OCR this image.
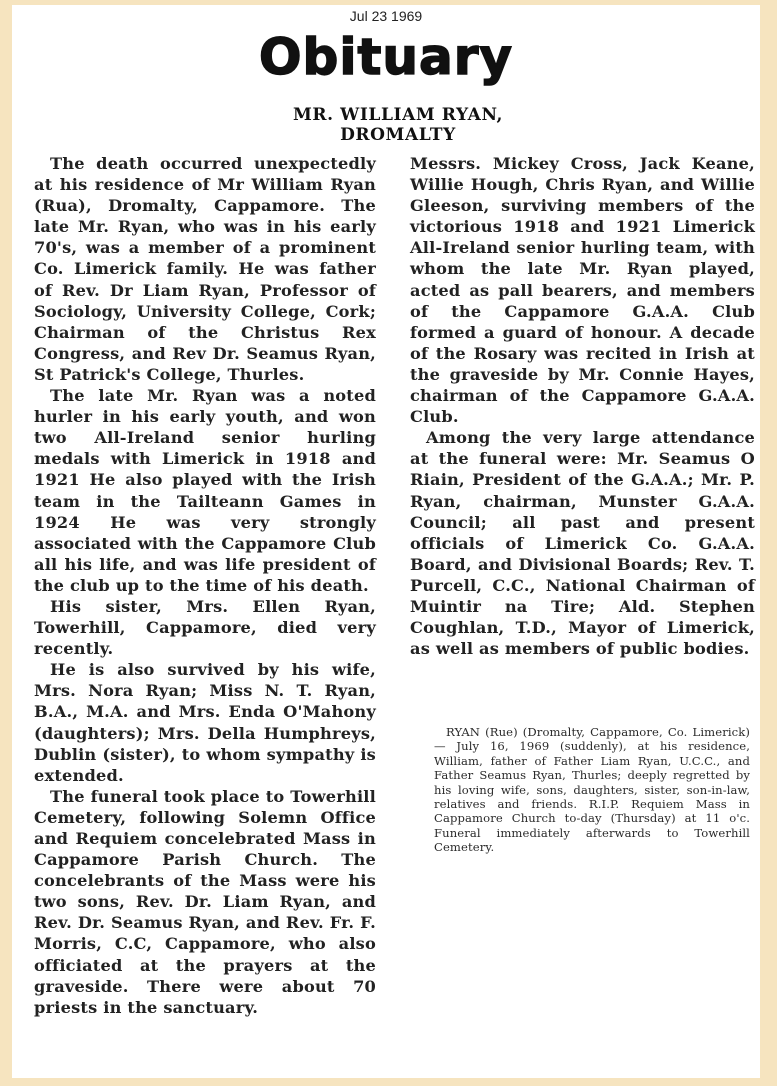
Jul 23 1969
Obituary
MR. WILLIAM RYAN,
DROMALTY

The death occurred unexpectedly at his residence of Mr William Ryan (Rua), Dromalty, Cappamore. The late Mr. Ryan, who was in his early 70's, was a member of a prominent Co. Limerick family. He was father of Rev. Dr Liam Ryan, Professor of Sociology, University College, Cork; Chairman of the Christus Rex Congress, and Rev Dr. Seamus Ryan, St Patrick's College, Thurles.

The late Mr. Ryan was a noted hurler in his early youth, and won two All-Ireland senior hurling medals with Limerick in 1918 and 1921 He also played with the Irish team in the Tailteann Games in 1924 He was very strongly associated with the Cappamore Club all his life, and was life president of the club up to the time of his death.

His sister, Mrs. Ellen Ryan, Towerhill, Cappamore, died very recently.

He is also survived by his wife, Mrs. Nora Ryan; Miss N. T. Ryan, B.A., M.A. and Mrs. Enda O'Mahony (daughters); Mrs. Della Humphreys, Dublin (sister), to whom sympathy is extended.

The funeral took place to Towerhill Cemetery, following Solemn Office and Requiem concelebrated Mass in Cappamore Parish Church. The concelebrants of the Mass were his two sons, Rev. Dr. Liam Ryan, and Rev. Dr. Seamus Ryan, and Rev. Fr. F. Morris, C.C, Cappamore, who also officiated at the prayers at the graveside. There were about 70 priests in the sanctuary.

Messrs. Mickey Cross, Jack Keane, Willie Hough, Chris Ryan, and Willie Gleeson, surviving members of the victorious 1918 and 1921 Limerick All-Ireland senior hurling team, with whom the late Mr. Ryan played, acted as pall bearers, and members of the Cappamore G.A.A. Club formed a guard of honour. A decade of the Rosary was recited in Irish at the graveside by Mr. Connie Hayes, chairman of the Cappamore G.A.A. Club.

Among the very large attendance at the funeral were: Mr. Seamus O Riain, President of the G.A.A.; Mr. P. Ryan, chairman, Munster G.A.A. Council; all past and present officials of Limerick Co. G.A.A. Board, and Divisional Boards; Rev. T. Purcell, C.C., National Chairman of Muintir na Tire; Ald. Stephen Coughlan, T.D., Mayor of Limerick, as well as members of public bodies.

RYAN (Rue) (Dromalty, Cappamore, Co. Limerick) — July 16, 1969 (suddenly), at his residence, William, father of Father Liam Ryan, U.C.C., and Father Seamus Ryan, Thurles; deeply regretted by his loving wife, sons, daughters, sister, son-in-law, relatives and friends. R.I.P. Requiem Mass in Cappamore Church to-day (Thursday) at 11 o'c. Funeral immediately afterwards to Towerhill Cemetery.
